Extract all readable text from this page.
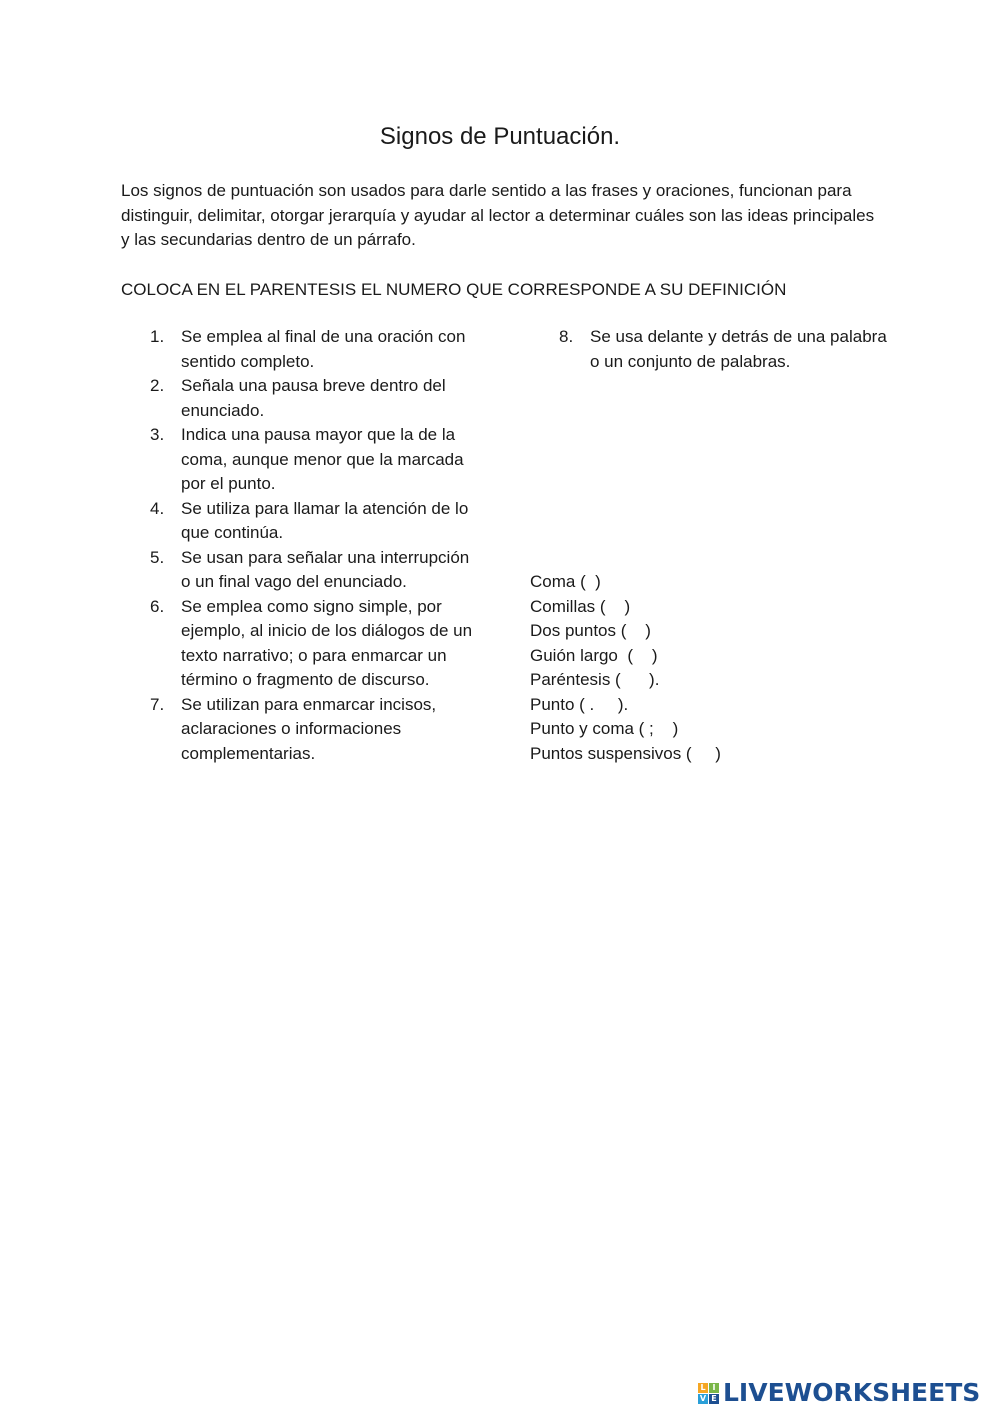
Signos de Puntuación.
Los signos de puntuación son usados para darle sentido a las frases y oraciones, funcionan para distinguir, delimitar, otorgar jerarquía y ayudar al lector a determinar cuáles son las ideas principales y las secundarias dentro de un párrafo.
COLOCA EN EL PARENTESIS EL NUMERO QUE CORRESPONDE A SU DEFINICIÓN
1. Se emplea al final de una oración con sentido completo.
2. Señala una pausa breve dentro del enunciado.
3. Indica una pausa mayor que la de la coma, aunque menor que la marcada por el punto.
4. Se utiliza para llamar la atención de lo que continúa.
5. Se usan para señalar una interrupción o un final vago del enunciado.
6. Se emplea como signo simple, por ejemplo, al inicio de los diálogos de un texto narrativo; o para enmarcar un término o fragmento de discurso.
7. Se utilizan para enmarcar incisos, aclaraciones o informaciones complementarias.
8. Se usa delante y detrás de una palabra o un conjunto de palabras.
Coma (  )
Comillas (    )
Dos puntos (    )
Guión largo  (    )
Paréntesis (      ).
Punto ( .     ).
Punto y coma ( ;    )
Puntos suspensivos (     )
L I
V E LIVEWORKSHEETS
